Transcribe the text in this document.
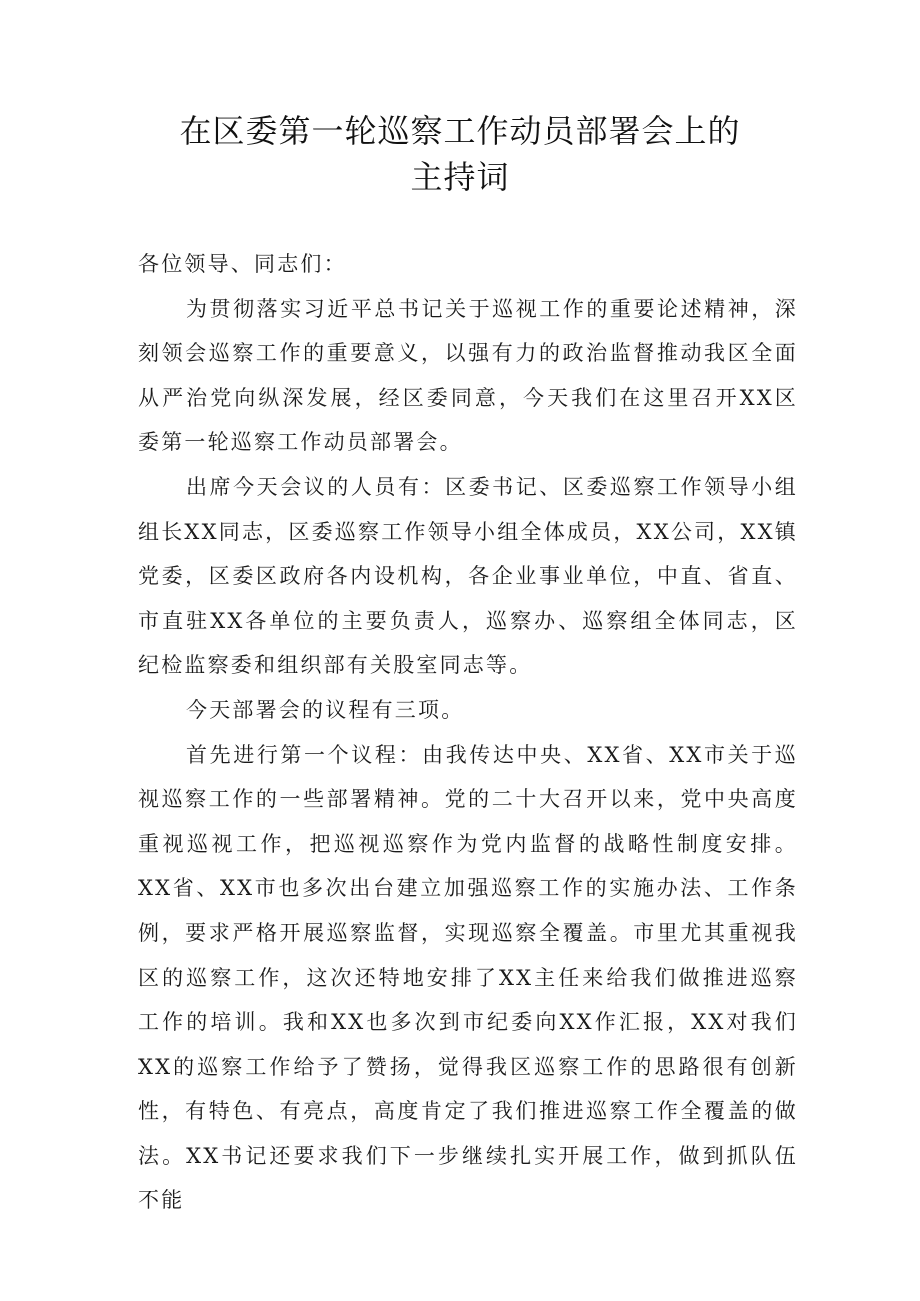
在区委第一轮巡察工作动员部署会上的
主持词

各位领导、同志们：

为贯彻落实习近平总书记关于巡视工作的重要论述精神，深刻领会巡察工作的重要意义，以强有力的政治监督推动我区全面从严治党向纵深发展，经区委同意，今天我们在这里召开XX区委第一轮巡察工作动员部署会。

出席今天会议的人员有：区委书记、区委巡察工作领导小组组长XX同志，区委巡察工作领导小组全体成员，XX公司，XX镇党委，区委区政府各内设机构，各企业事业单位，中直、省直、市直驻XX各单位的主要负责人，巡察办、巡察组全体同志，区纪检监察委和组织部有关股室同志等。

今天部署会的议程有三项。

首先进行第一个议程：由我传达中央、XX省、XX市关于巡视巡察工作的一些部署精神。党的二十大召开以来，党中央高度重视巡视工作，把巡视巡察作为党内监督的战略性制度安排。XX省、XX市也多次出台建立加强巡察工作的实施办法、工作条例，要求严格开展巡察监督，实现巡察全覆盖。市里尤其重视我区的巡察工作，这次还特地安排了XX主任来给我们做推进巡察工作的培训。我和XX也多次到市纪委向XX作汇报，XX对我们XX的巡察工作给予了赞扬，觉得我区巡察工作的思路很有创新性，有特色、有亮点，高度肯定了我们推进巡察工作全覆盖的做法。XX书记还要求我们下一步继续扎实开展工作，做到抓队伍不能
